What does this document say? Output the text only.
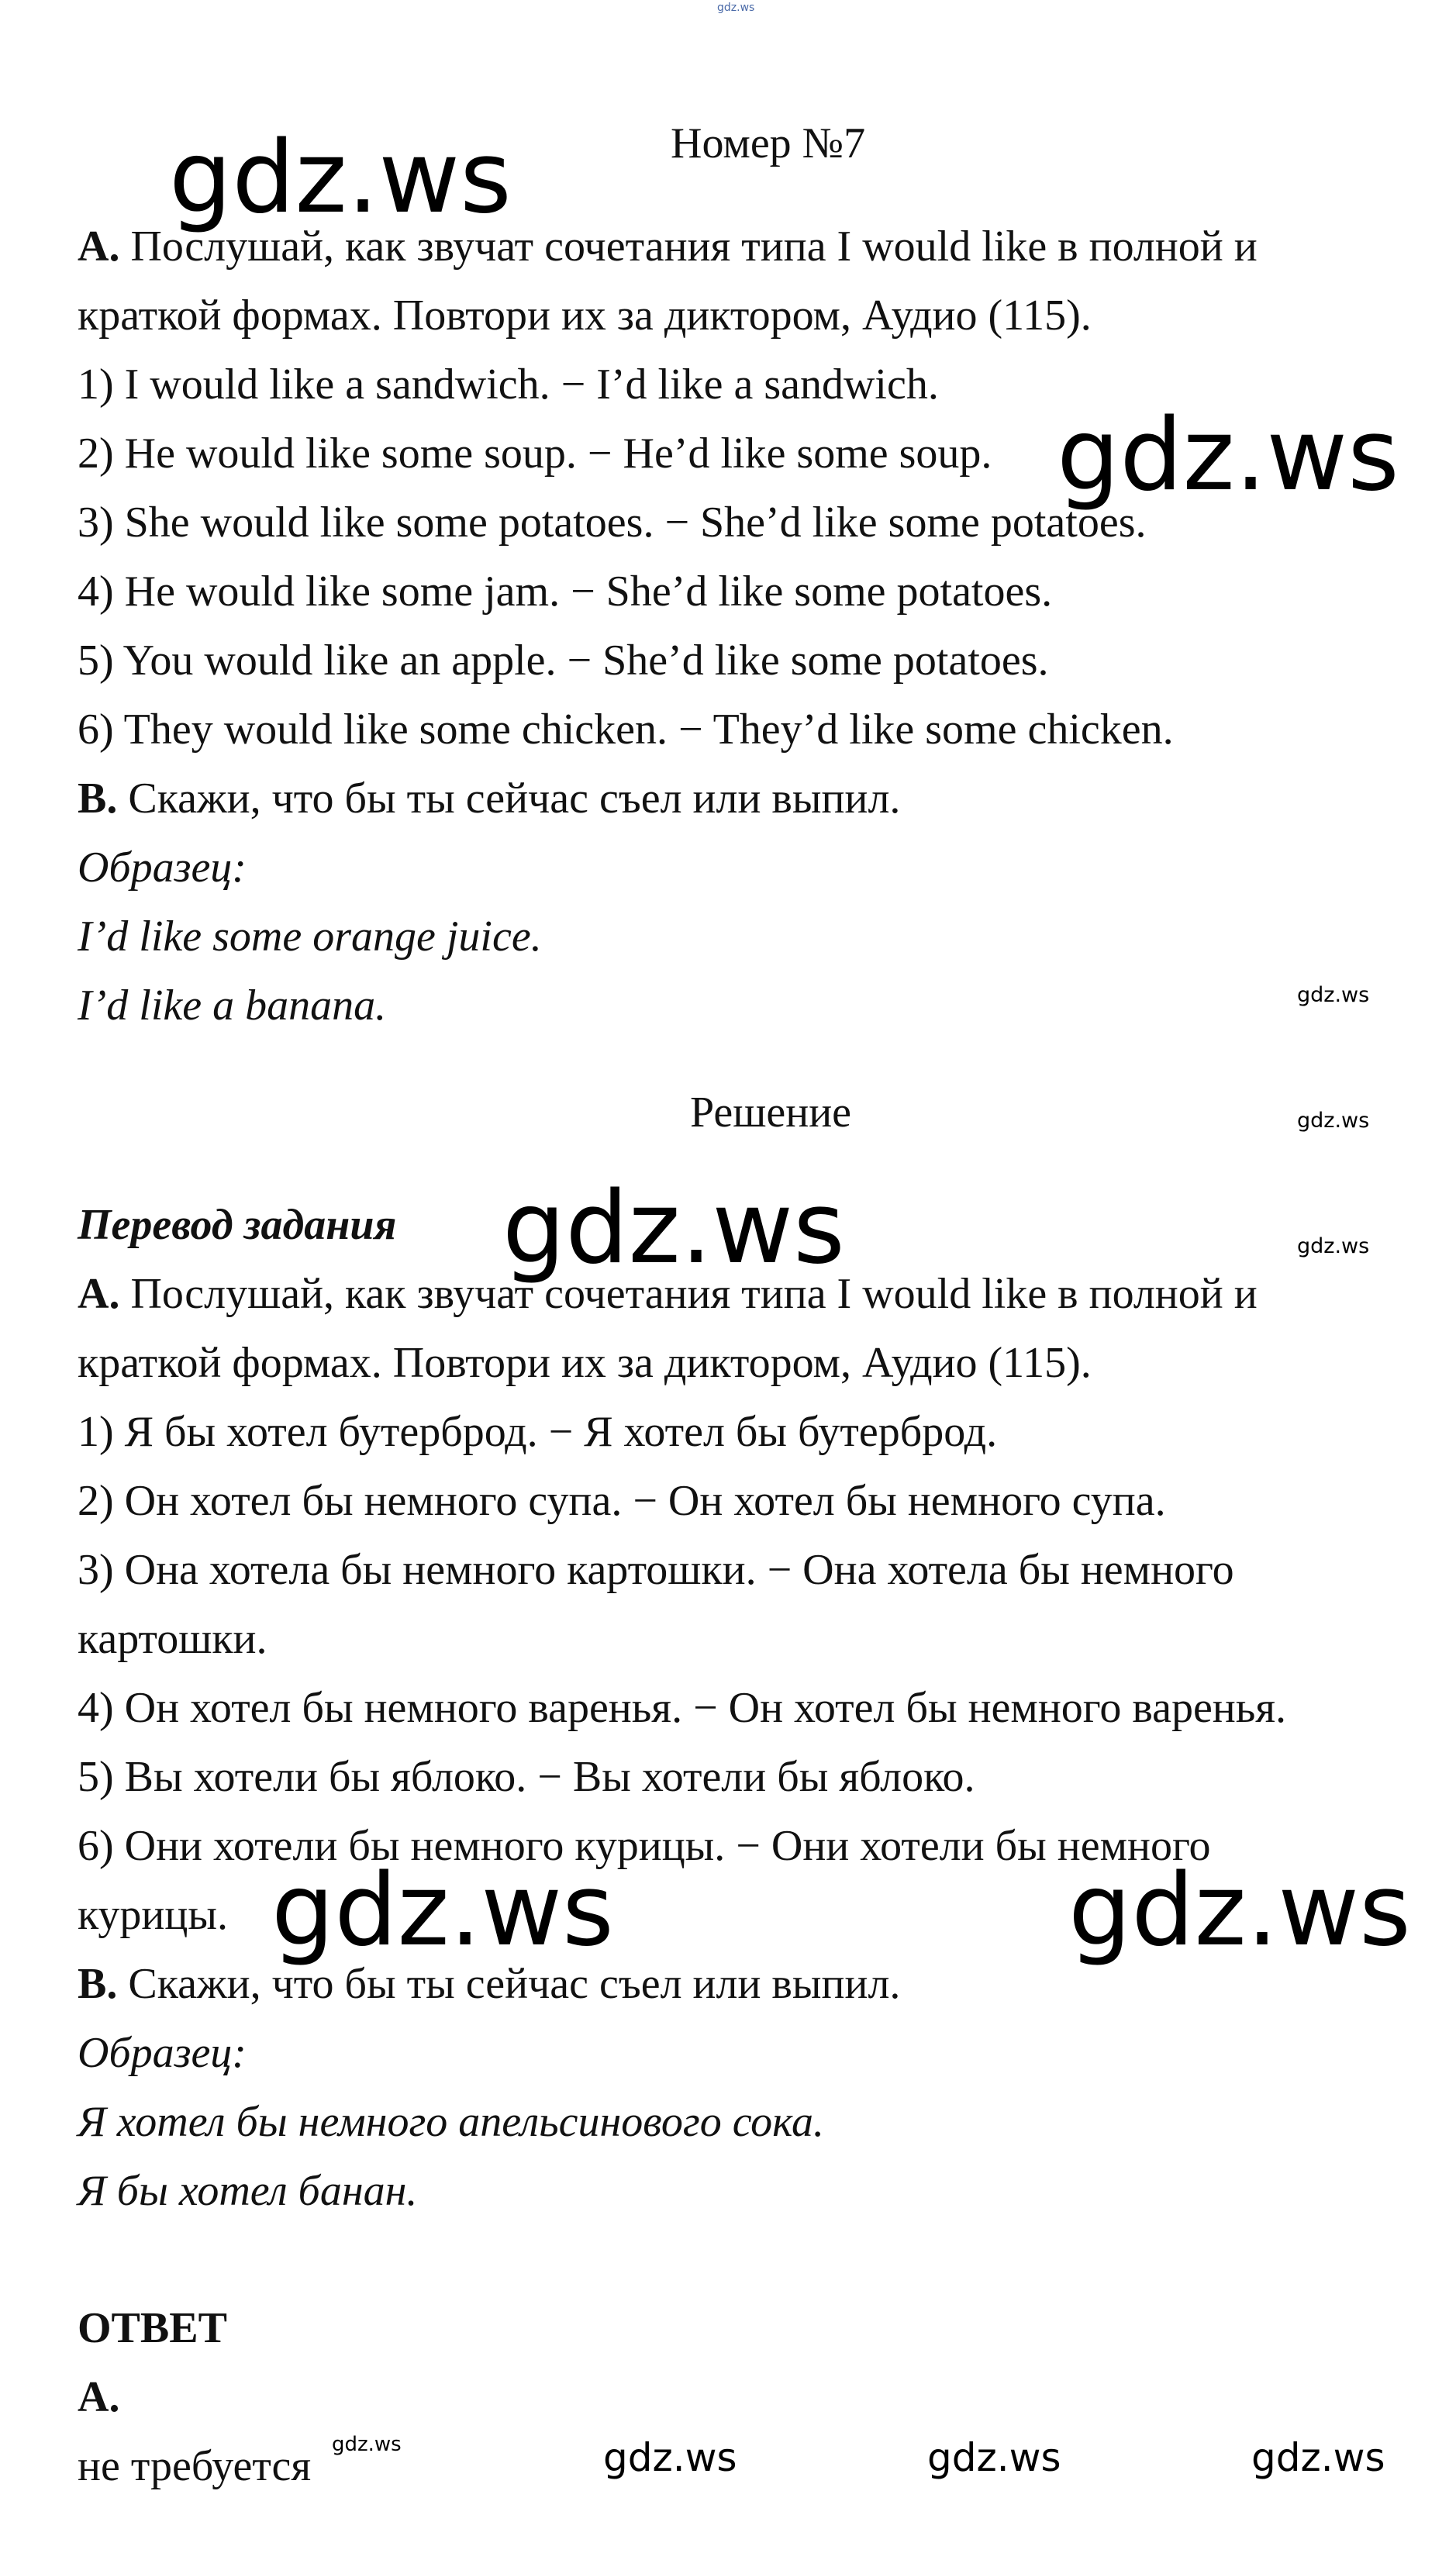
gdz.ws
Номер №7
A. Послушай, как звучат сочетания типа I would like в полной и
краткой формах. Повтори их за диктором, Аудио (115).
1) I would like a sandwich. − I’d like a sandwich.
2) He would like some soup. − He’d like some soup.
3) She would like some potatoes. − She’d like some potatoes.
4) He would like some jam. − She’d like some potatoes.
5) You would like an apple. − She’d like some potatoes.
6) They would like some chicken. − They’d like some chicken.
B. Скажи, что бы ты сейчас съел или выпил.
Образец:
I’d like some orange juice.
I’d like a banana.
Решение
Перевод задания
A. Послушай, как звучат сочетания типа I would like в полной и
краткой формах. Повтори их за диктором, Аудио (115).
1) Я бы хотел бутерброд. − Я хотел бы бутерброд.
2) Он хотел бы немного супа. − Он хотел бы немного супа.
3) Она хотела бы немного картошки. − Она хотела бы немного
картошки.
4) Он хотел бы немного варенья. − Он хотел бы немного варенья.
5) Вы хотели бы яблоко. − Вы хотели бы яблоко.
6) Они хотели бы немного курицы. − Они хотели бы немного
курицы.
B. Скажи, что бы ты сейчас съел или выпил.
Образец:
Я хотел бы немного апельсинового сока.
Я бы хотел банан.
ОТВЕТ
A.
не требуется
gdz.ws
gdz.ws
gdz.ws
gdz.ws
gdz.ws	gdz.ws
gdz.ws	gdz.ws
gdz.ws	gdz.ws	gdz.ws	gdz.ws
